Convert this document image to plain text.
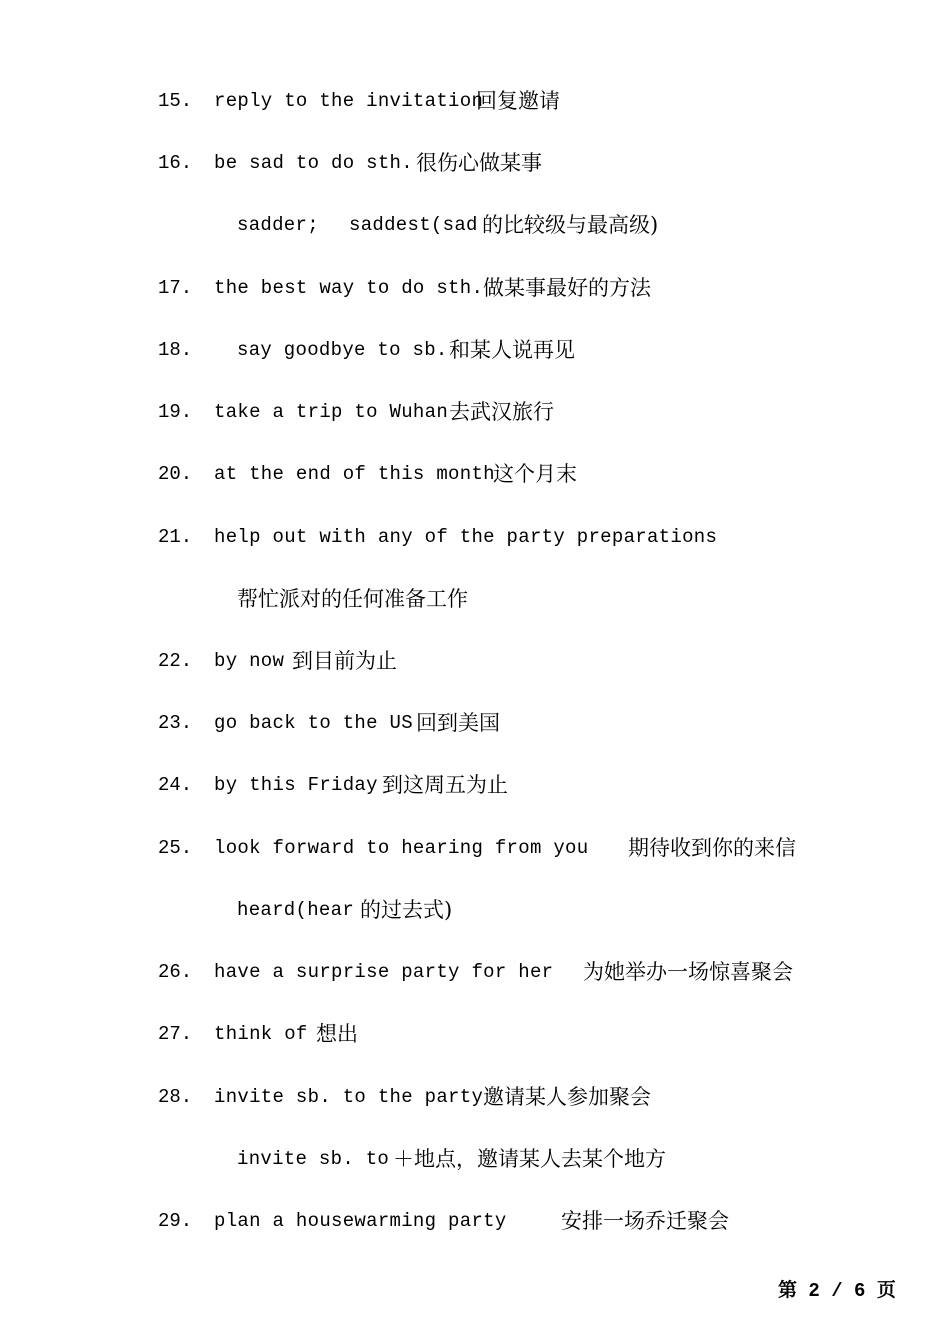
15. reply to the invitation
回复邀请
16. be sad to do sth. 很伤心做某事
sadder; saddest(sad 的比较级与最高级)
17. the best way to do sth. 做某事最好的方法
18. say goodbye to sb. 和某人说再见
19. take a trip to Wuhan 去武汉旅行
20. at the end of this month
这个月末
21. help out with any of the party preparations
帮忙派对的任何准备工作
22. by now 到目前为止
23. go back to the US 回到美国
24. by this Friday 到这周五为止
25. look forward to hearing from you 期待收到你的来信
heard(hear 的过去式)
26. have a surprise party for her 为她举办一场惊喜聚会
27. think of 想出
28. invite sb. to the party 邀请某人参加聚会
invite sb. to ＋地点，邀请某人去某个地方
29. plan a housewarming party	安排一场乔迁聚会
第 2 / 6 页
